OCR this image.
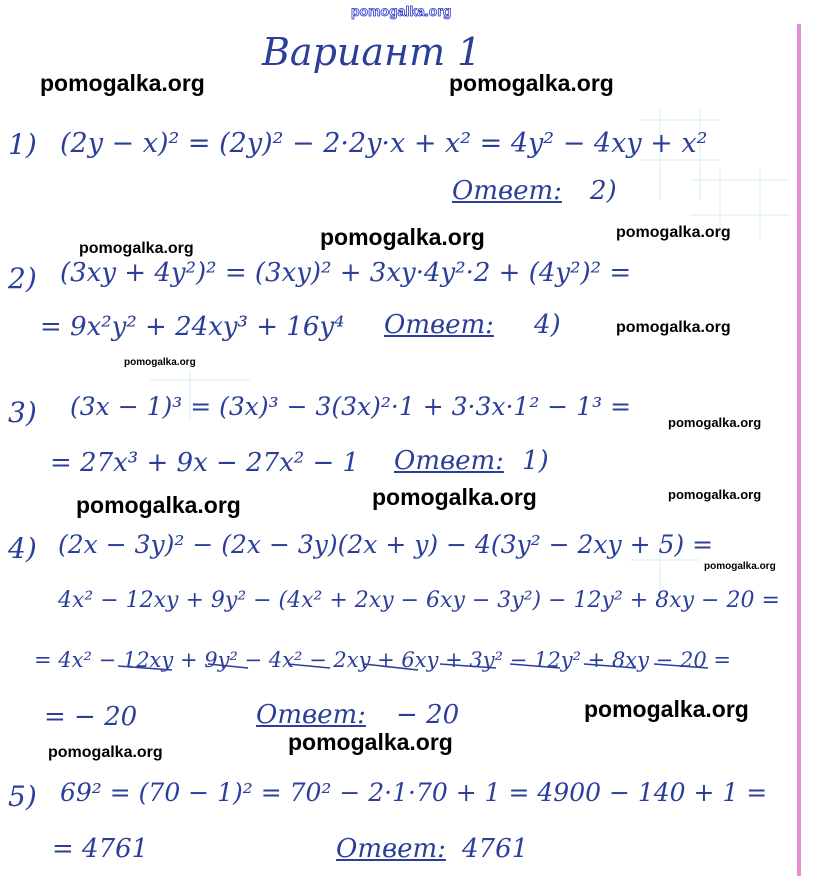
pomogalka.org
Вариант 1
1) (2y − x)² = (2y)² − 2·2y·x + x² = 4y² − 4xy + x²
Ответ: 2)
2) (3xy + 4y²)² = (3xy)² + 3xy·4y²·2 + (4y²)² =
= 9x²y² + 24xy³ + 16y⁴ Ответ: 4)
3) (3x − 1)³ = (3x)³ − 3(3x)²·1 + 3·3x·1² − 1³ =
= 27x³ + 9x − 27x² − 1 Ответ: 1)
4) (2x − 3y)² − (2x − 3y)(2x + y) − 4(3y² − 2xy + 5) =
4x² − 12xy + 9y² − (4x² + 2xy − 6xy − 3y²) − 12y² + 8xy − 20 =
= 4x² − 12xy + 9y² − 4x² − 2xy + 6xy + 3y² − 12y² + 8xy − 20 =
= − 20	Ответ: − 20
5) 69² = (70 − 1)² = 70² − 2·1·70 + 1 = 4900 − 140 + 1 =
= 4761	Ответ: 4761
pomogalka.org	pomogalka.org
pomogalka.org	pomogalka.org	pomogalka.org
pomogalka.org
pomogalka.org
pomogalka.org
pomogalka.org	pomogalka.org	pomogalka.org
pomogalka.org
pomogalka.org
pomogalka.org
pomogalka.org
